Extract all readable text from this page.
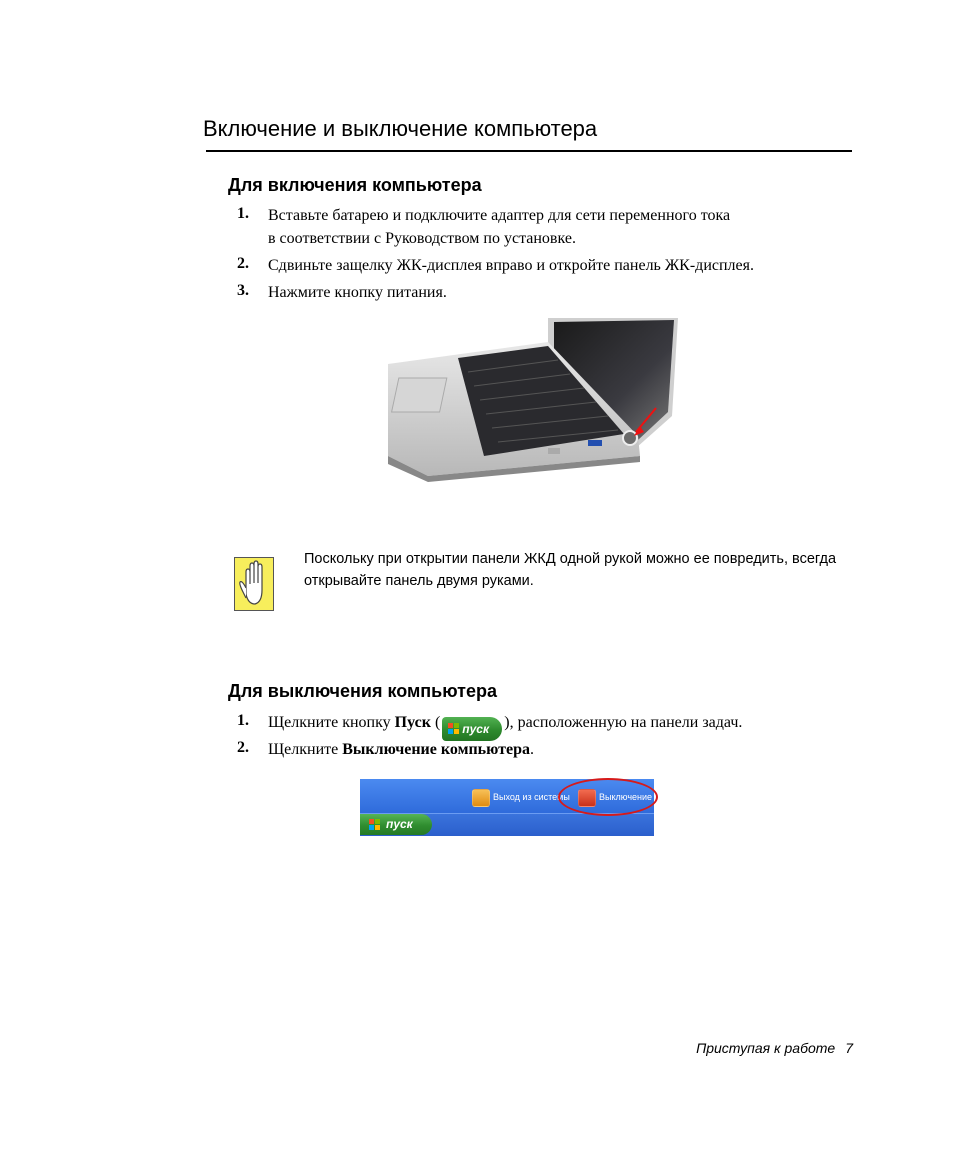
Включение и выключение компьютера
Для включения компьютера
1. Вставьте батарею и подключите адаптер для сети переменного тока
в соответствии с Руководством по установке.
2. Сдвиньте защелку ЖК-дисплея вправо и откройте панель ЖК-дисплея.
3. Нажмите кнопку питания.
Поскольку при открытии панели ЖКД одной рукой можно ее повредить, всегда открывайте панель двумя руками.
Для выключения компьютера
1. Щелкните кнопку Пуск ( пуск ), расположенную на панели задач.
2. Щелкните Выключение компьютера.
Выход из системы	Выключение
пуск
Приступая к работе 7
